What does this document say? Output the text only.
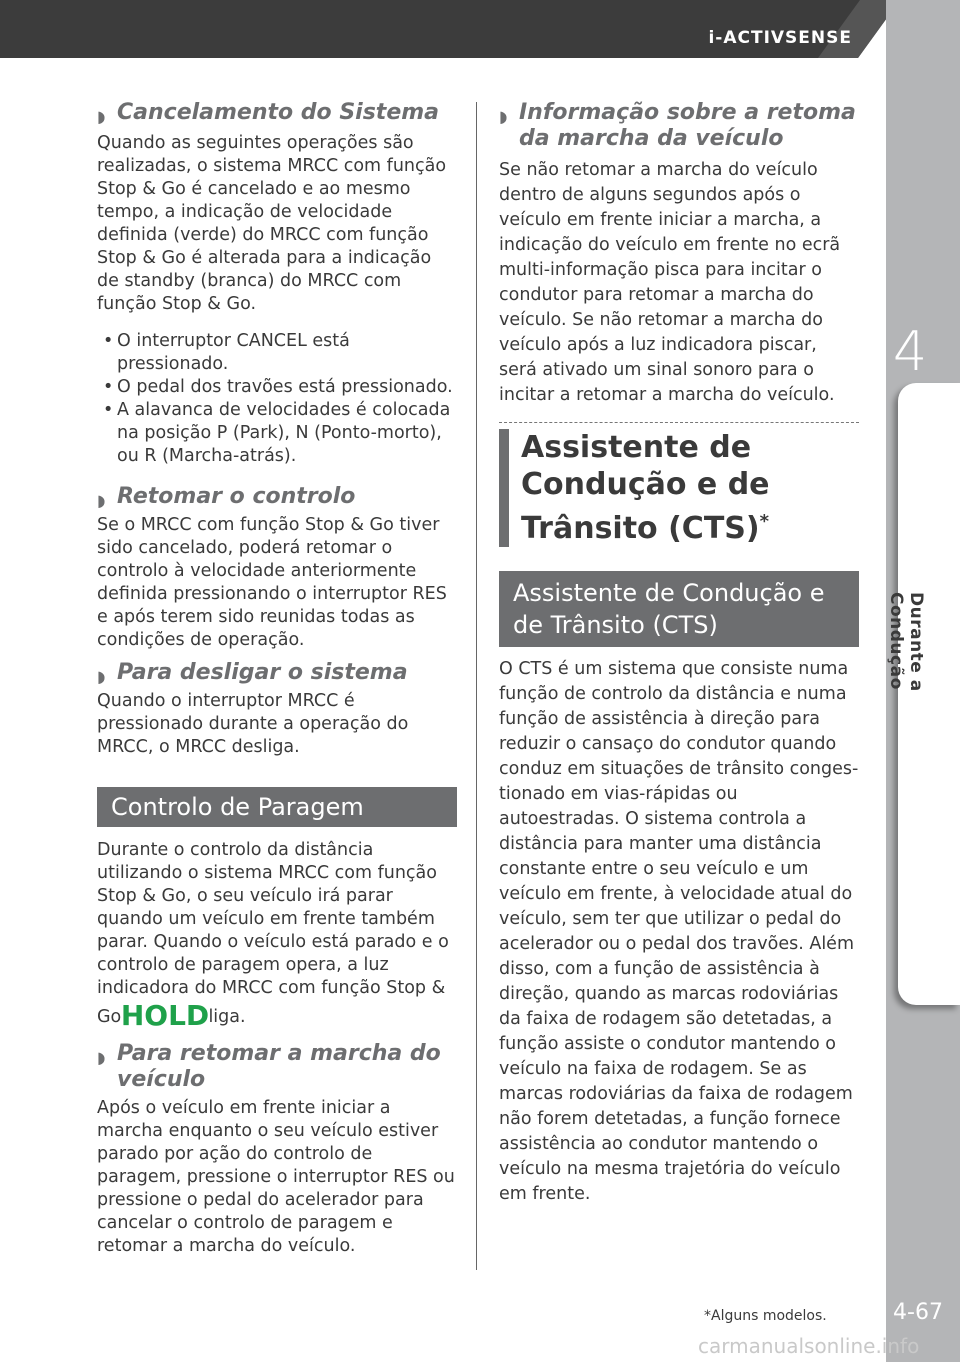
i-ACTIVSENSE
4
Durante a Condução
4-67
◗ Cancelamento do Sistema

Quando as seguintes operações são realizadas, o sistema MRCC com função Stop & Go é cancelado e ao mesmo tempo, a indicação de velocidade definida (verde) do MRCC com função Stop & Go é alterada para a indicação de standby (branca) do MRCC com função Stop & Go.

• O interruptor CANCEL está pressionado.
• O pedal dos travões está pressionado.
• A alavanca de velocidades é colocada na posição P (Park), N (Ponto-morto), ou R (Marcha-atrás).
◗ Retomar o controlo

Se o MRCC com função Stop & Go tiver sido cancelado, poderá retomar o controlo à velocidade anteriormente definida pressionando o interruptor RES e após terem sido reunidas todas as condições de operação.

◗ Para desligar o sistema

Quando o interruptor MRCC é pressionado durante a operação do MRCC, o MRCC desliga.

Controlo de Paragem

Durante o controlo da distância utilizando o sistema MRCC com função Stop & Go, o seu veículo irá parar quando um veículo em frente também parar. Quando o veículo está parado e o controlo de paragem opera, a luz indicadora do MRCC com função Stop & Go HOLD liga.

◗ Para retomar a marcha do veículo

Após o veículo em frente iniciar a marcha enquanto o seu veículo estiver parado por ação do controlo de paragem, pressione o interruptor RES ou pressione o pedal do acelerador para cancelar o controlo de paragem e retomar a marcha do veículo.

◗ Informação sobre a retoma da marcha da veículo

Se não retomar a marcha do veículo dentro de alguns segundos após o veículo em frente iniciar a marcha, a indicação do veículo em frente no ecrã multi-informação pisca para incitar o condutor para retomar a marcha do veículo. Se não retomar a marcha do veículo após a luz indicadora piscar, será ativado um sinal sonoro para o incitar a retomar a marcha do veículo.

Assistente de Condução e de Trânsito (CTS)*
Assistente de Condução e de Trânsito (CTS)

O CTS é um sistema que consiste numa função de controlo da distância e numa função de assistência à direção para reduzir o cansaço do condutor quando conduz em situações de trânsito conges-tionado em vias-rápidas ou autoestradas. O sistema controla a distância para manter uma distância constante entre o seu veículo e um veículo em frente, à velocidade atual do veículo, sem ter que utilizar o pedal do acelerador ou o pedal dos travões. Além disso, com a função de assistência à direção, quando as marcas rodoviárias da faixa de rodagem são detetadas, a função assiste o condutor mantendo o veículo na faixa de rodagem. Se as marcas rodoviárias da faixa de rodagem não forem detetadas, a função fornece assistência ao condutor mantendo o veículo na mesma trajetória do veículo em frente.

*Alguns modelos.
carmanualsonline.info
